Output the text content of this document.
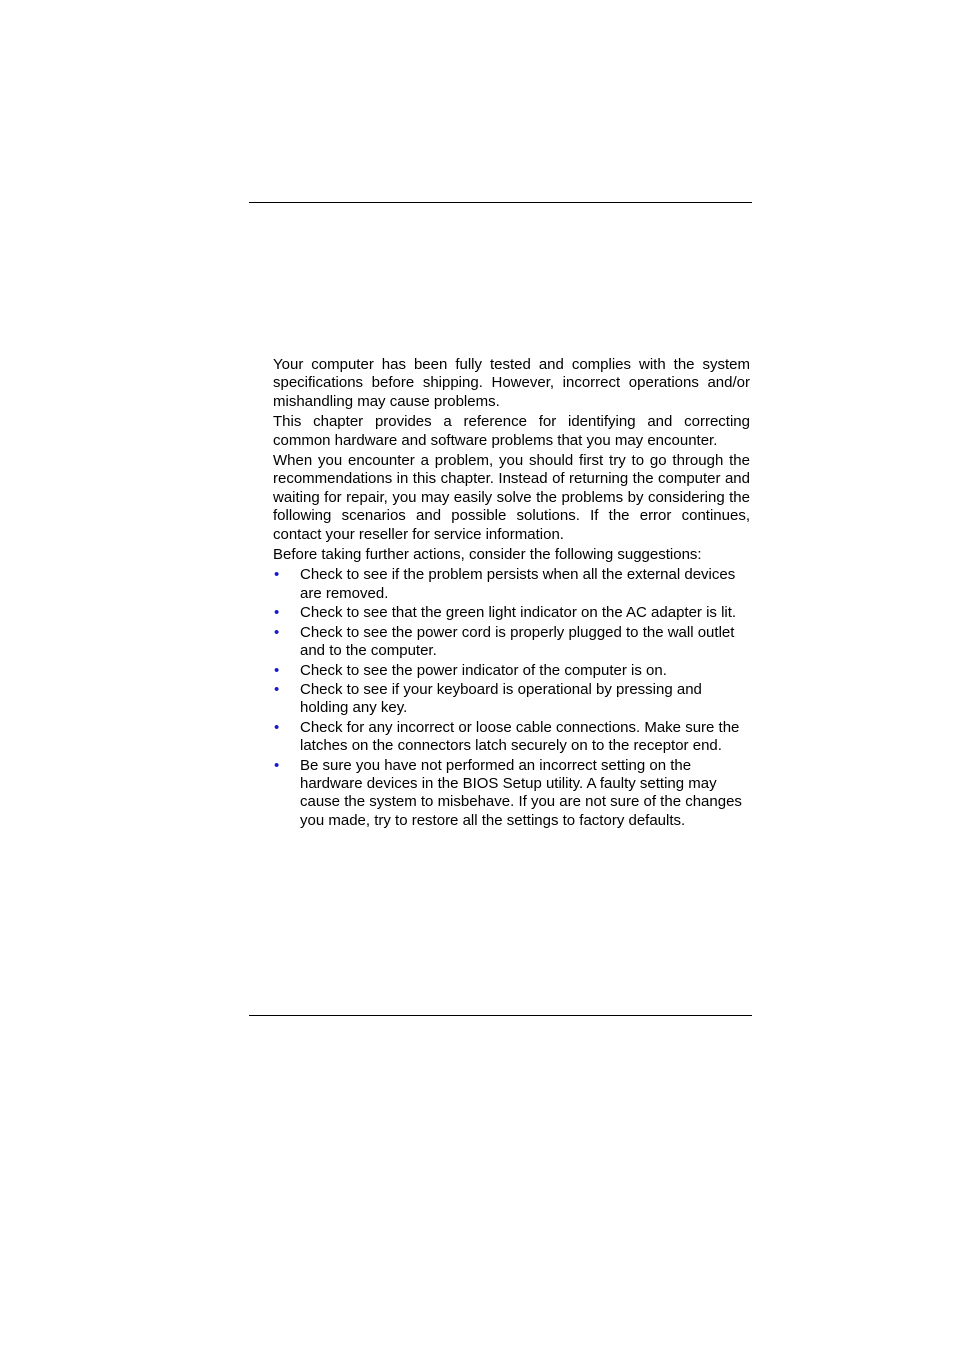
Your computer has been fully tested and complies with the system specifications before shipping. However, incorrect operations and/or mishandling may cause problems.

This chapter provides a reference for identifying and correcting common hardware and software problems that you may encounter.

When you encounter a problem, you should first try to go through the recommendations in this chapter. Instead of returning the computer and waiting for repair, you may easily solve the problems by considering the following scenarios and possible solutions. If the error continues, contact your reseller for service information.

Before taking further actions, consider the following suggestions:

• Check to see if the problem persists when all the external devices are removed.
• Check to see that the green light indicator on the AC adapter is lit.
• Check to see the power cord is properly plugged to the wall outlet and to the computer.
• Check to see the power indicator of the computer is on.
• Check to see if your keyboard is operational by pressing and holding any key.
• Check for any incorrect or loose cable connections. Make sure the latches on the connectors latch securely on to the receptor end.
• Be sure you have not performed an incorrect setting on the hardware devices in the BIOS Setup utility. A faulty setting may cause the system to misbehave. If you are not sure of the changes you made, try to restore all the settings to factory defaults.
